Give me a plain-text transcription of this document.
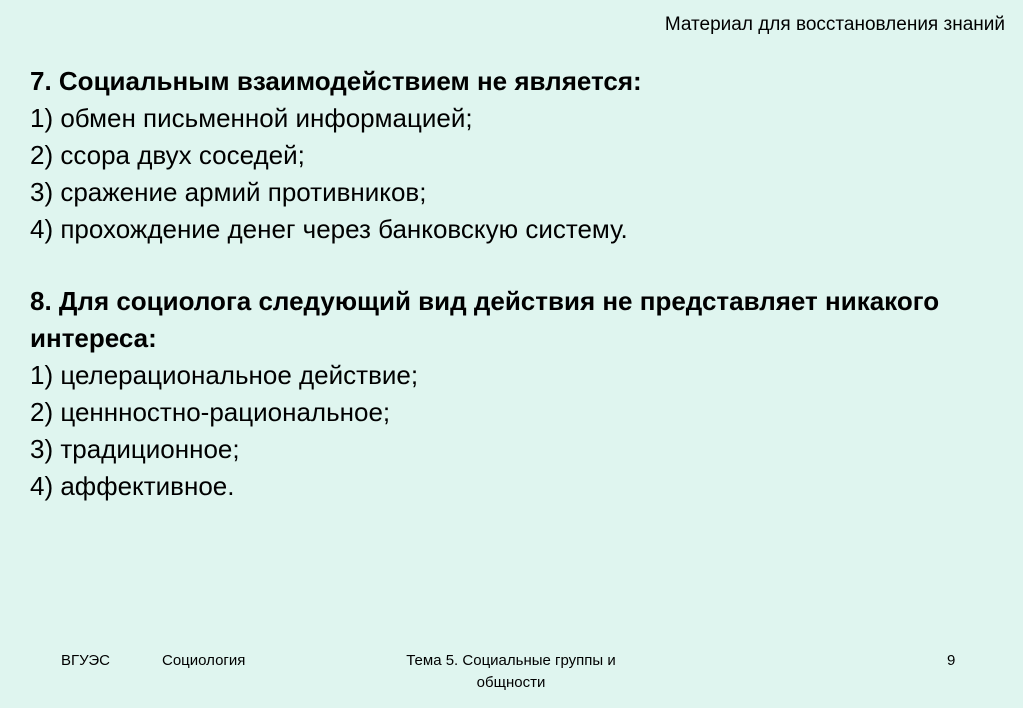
Материал для восстановления знаний

7. Социальным взаимодействием не является:

1) обмен письменной информацией;
2) ссора двух соседей;
3) сражение армий противников;
4) прохождение денег через банковскую систему.

8. Для социолога следующий вид действия не представляет никакого интереса:

1) целерациональное действие;
2) ценнностно-рациональное;
3) традиционное;
4) аффективное.
ВГУЭС	Социология	Тема 5. Социальные группы и общности
9
